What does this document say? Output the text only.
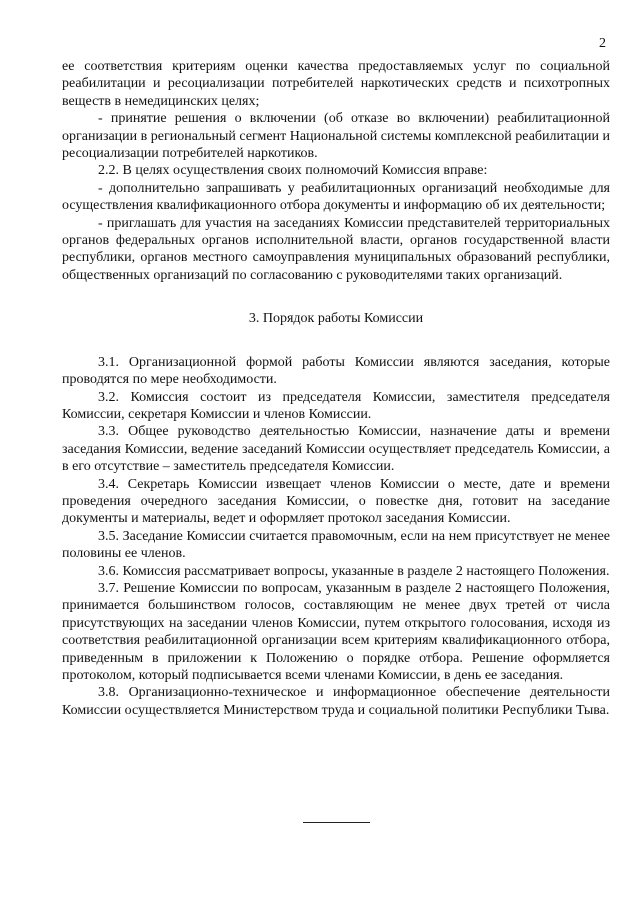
2

ее соответствия критериям оценки качества предоставляемых услуг по социальной реабилитации и ресоциализации потребителей наркотических средств и психотропных веществ в немедицинских целях;

- принятие решения о включении (об отказе во включении) реабилитационной организации в региональный сегмент Национальной системы комплексной реабилитации и ресоциализации потребителей наркотиков.

2.2. В целях осуществления своих полномочий Комиссия вправе:

- дополнительно запрашивать у реабилитационных организаций необходимые для осуществления квалификационного отбора документы и информацию об их деятельности;

- приглашать для участия на заседаниях Комиссии представителей территориальных органов федеральных органов исполнительной власти, органов государственной власти республики, органов местного самоуправления муниципальных образований республики, общественных организаций по согласованию с руководителями таких организаций.

3. Порядок работы Комиссии

3.1. Организационной формой работы Комиссии являются заседания, которые проводятся по мере необходимости.

3.2. Комиссия состоит из председателя Комиссии, заместителя председателя Комиссии, секретаря Комиссии и членов Комиссии.

3.3. Общее руководство деятельностью Комиссии, назначение даты и времени заседания Комиссии, ведение заседаний Комиссии осуществляет председатель Комиссии, а в его отсутствие – заместитель председателя Комиссии.

3.4. Секретарь Комиссии извещает членов Комиссии о месте, дате и времени проведения очередного заседания Комиссии, о повестке дня, готовит на заседание документы и материалы, ведет и оформляет протокол заседания Комиссии.

3.5. Заседание Комиссии считается правомочным, если на нем присутствует не менее половины ее членов.

3.6. Комиссия рассматривает вопросы, указанные в разделе 2 настоящего Положения.

3.7. Решение Комиссии по вопросам, указанным в разделе 2 настоящего Положения, принимается большинством голосов, составляющим не менее двух третей от числа присутствующих на заседании членов Комиссии, путем открытого голосования, исходя из соответствия реабилитационной организации всем критериям квалификационного отбора, приведенным в приложении к Положению о порядке отбора. Решение оформляется протоколом, который подписывается всеми членами Комиссии, в день ее заседания.

3.8. Организационно-техническое и информационное обеспечение деятельности Комиссии осуществляется Министерством труда и социальной политики Республики Тыва.
